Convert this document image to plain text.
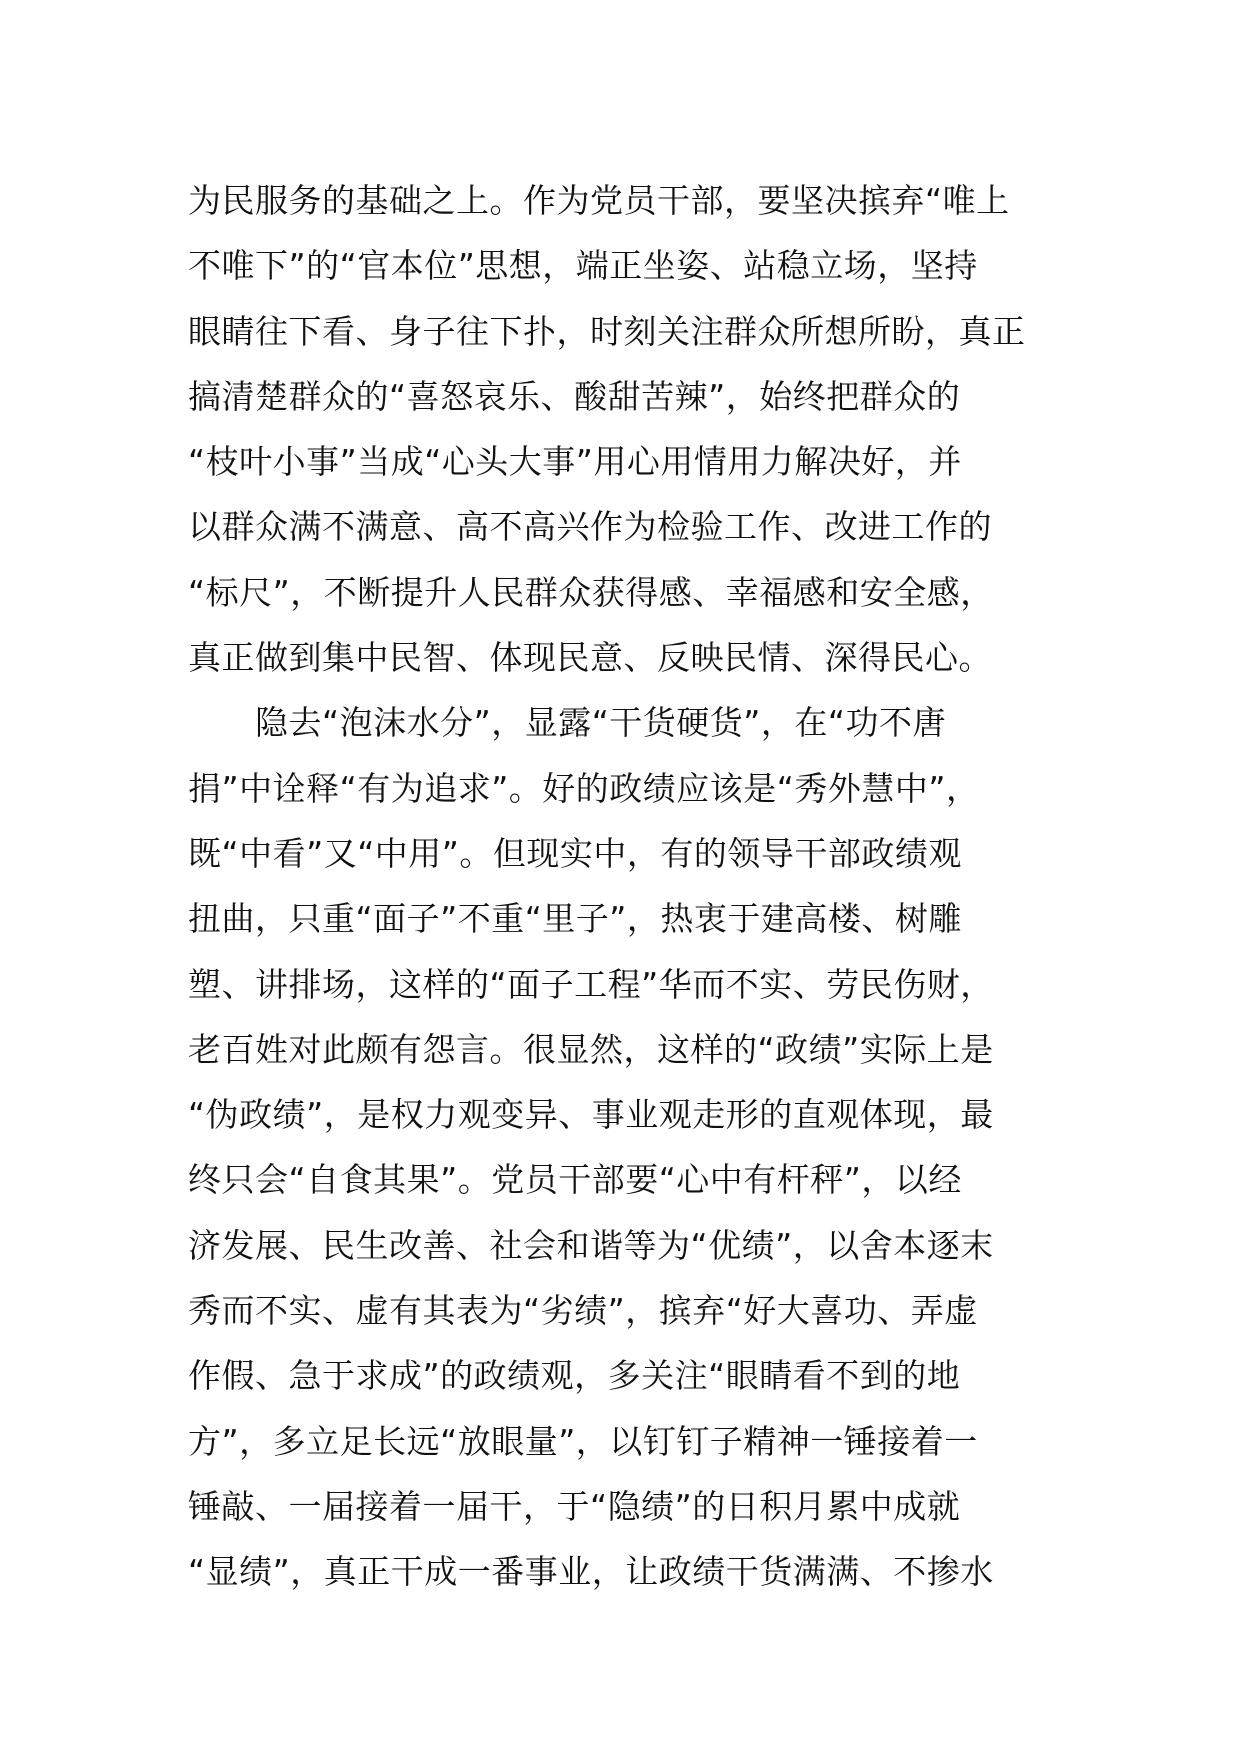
为民服务的基础之上。作为党员干部，要坚决摈弃“唯上
不唯下”的“官本位”思想，端正坐姿、站稳立场，坚持
眼睛往下看、身子往下扑，时刻关注群众所想所盼，真正
搞清楚群众的“喜怒哀乐、酸甜苦辣”，始终把群众的
“枝叶小事”当成“心头大事”用心用情用力解决好，并
以群众满不满意、高不高兴作为检验工作、改进工作的
“标尺”，不断提升人民群众获得感、幸福感和安全感，
真正做到集中民智、体现民意、反映民情、深得民心。
　　隐去“泡沫水分”，显露“干货硬货”，在“功不唐
捐”中诠释“有为追求”。好的政绩应该是“秀外慧中”，
既“中看”又“中用”。但现实中，有的领导干部政绩观
扭曲，只重“面子”不重“里子”，热衷于建高楼、树雕
塑、讲排场，这样的“面子工程”华而不实、劳民伤财，
老百姓对此颇有怨言。很显然，这样的“政绩”实际上是
“伪政绩”，是权力观变异、事业观走形的直观体现，最
终只会“自食其果”。党员干部要“心中有杆秤”，以经
济发展、民生改善、社会和谐等为“优绩”，以舍本逐末
秀而不实、虚有其表为“劣绩”，摈弃“好大喜功、弄虚
作假、急于求成”的政绩观，多关注“眼睛看不到的地
方”，多立足长远“放眼量”，以钉钉子精神一锤接着一
锤敲、一届接着一届干，于“隐绩”的日积月累中成就
“显绩”，真正干成一番事业，让政绩干货满满、不掺水
